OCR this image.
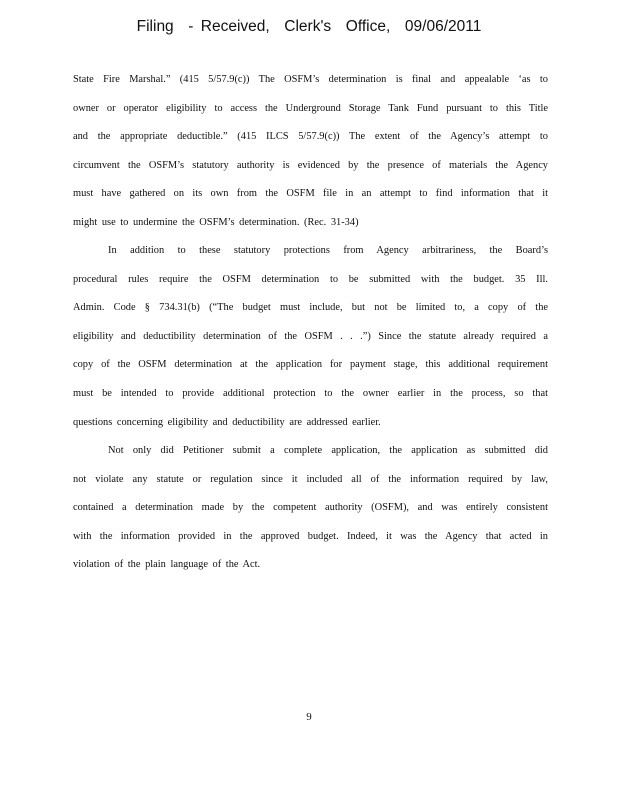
Filing  - Received,  Clerk's  Office,  09/06/2011
State Fire Marshal.” (415 5/57.9(c)) The OSFM’s determination is final and appealable ‘as to
owner or operator eligibility to access the Underground Storage Tank Fund pursuant to this Title
and the appropriate deductible.” (415 ILCS 5/57.9(c)) The extent of the Agency’s attempt to
circumvent the OSFM’s statutory authority is evidenced by the presence of materials the Agency
must have gathered on its own from the OSFM file in an attempt to find information that it
might use to undermine the OSFM’s determination. (Rec. 31-34)
In addition to these statutory protections from Agency arbitrariness, the Board’s
procedural rules require the OSFM determination to be submitted with the budget. 35 Ill.
Admin. Code § 734.31(b) (“The budget must include, but not be limited to, a copy of the
eligibility and deductibility determination of the OSFM . . .”) Since the statute already required a
copy of the OSFM determination at the application for payment stage, this additional requirement
must be intended to provide additional protection to the owner earlier in the process, so that
questions concerning eligibility and deductibility are addressed earlier.
Not only did Petitioner submit a complete application, the application as submitted did
not violate any statute or regulation since it included all of the information required by law,
contained a determination made by the competent authority (OSFM), and was entirely consistent
with the information provided in the approved budget. Indeed, it was the Agency that acted in
violation of the plain language of the Act.
9
